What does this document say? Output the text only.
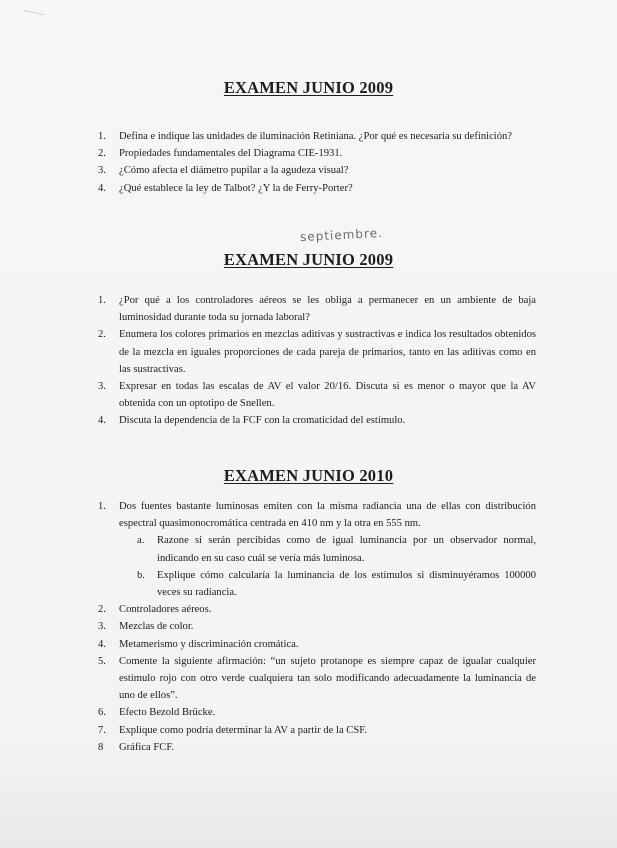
EXAMEN JUNIO 2009
1.	Defina e indique las unidades de iluminación Retiniana. ¿Por qué es necesaria su definición?
2.	Propiedades fundamentales del Diagrama CIE-1931.
3.	¿Cómo afecta el diámetro pupilar a la agudeza visual?
4.	¿Qué establece la ley de Talbot? ¿Y la de Ferry-Porter?
septiembre.
EXAMEN JUNIO 2009
1.	¿Por qué a los controladores aéreos se les obliga a permanecer en un ambiente de baja luminosidad durante toda su jornada laboral?
2.	Enumera los colores primarios en mezclas aditivas y sustractivas e indica los resultados obtenidos de la mezcla en iguales proporciones de cada pareja de primarios, tanto en las aditivas como en las sustractivas.
3.	Expresar en todas las escalas de AV el valor 20/16. Discuta si es menor o mayor que la AV obtenida con un optotipo de Snellen.
4.	Discuta la dependencia de la FCF con la cromaticidad del estímulo.
EXAMEN JUNIO 2010
1.	Dos fuentes bastante luminosas emiten con la misma radiancia una de ellas con distribución espectral quasimonocromática centrada en 410 nm y la otra en 555 nm.
a.	Razone si serán percibidas como de igual luminancia por un observador normal, indicando en su caso cuál se vería más luminosa.
b.	Explique cómo calcularía la luminancia de los estímulos si disminuyéramos 100000 veces su radiancia.
2.	Controladores aéreos.
3.	Mezclas de color.
4.	Metamerismo y discriminación cromática.
5.	Comente la siguiente afirmación: “un sujeto protanope es siempre capaz de igualar cualquier estímulo rojo con otro verde cualquiera tan solo modificando adecuadamente la luminancia de uno de ellos”.
6.	Efecto Bezold Brücke.
7.	Explique como podría determinar la AV a partir de la CSF.
8	Gráfica FCF.
